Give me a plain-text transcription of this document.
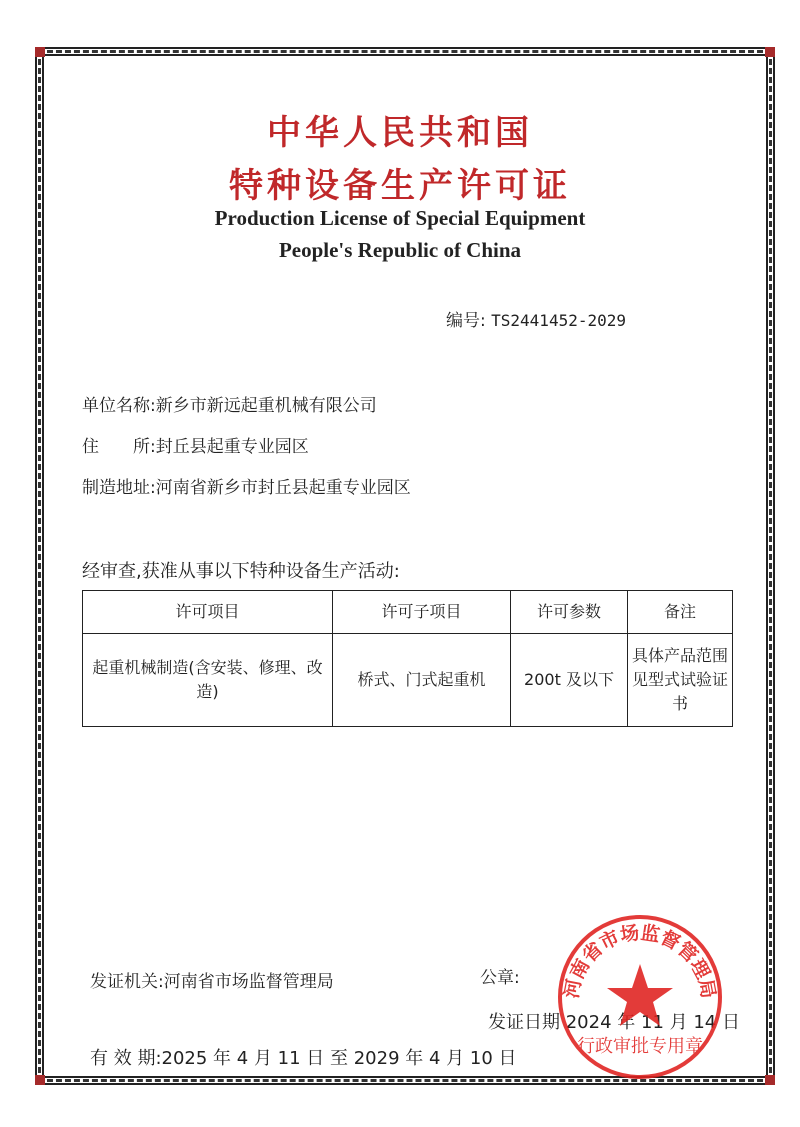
中华人民共和国
特种设备生产许可证
Production License of Special Equipment
People's Republic of China
编号: TS2441452-2029
单位名称:新乡市新远起重机械有限公司
住　　所:封丘县起重专业园区
制造地址:河南省新乡市封丘县起重专业园区
经审查,获准从事以下特种设备生产活动:
许可项目	许可子项目	许可参数	备注
起重机械制造(含安装、修理、改造)	桥式、门式起重机	200t 及以下	具体产品范围见型式试验证书
发证机关:河南省市场监督管理局	公章:
发证日期 2024 年 11 月 14 日
有 效 期:2025 年 4 月 11 日 至 2029 年 4 月 10 日
河南省市场监督管理局
行政审批专用章
